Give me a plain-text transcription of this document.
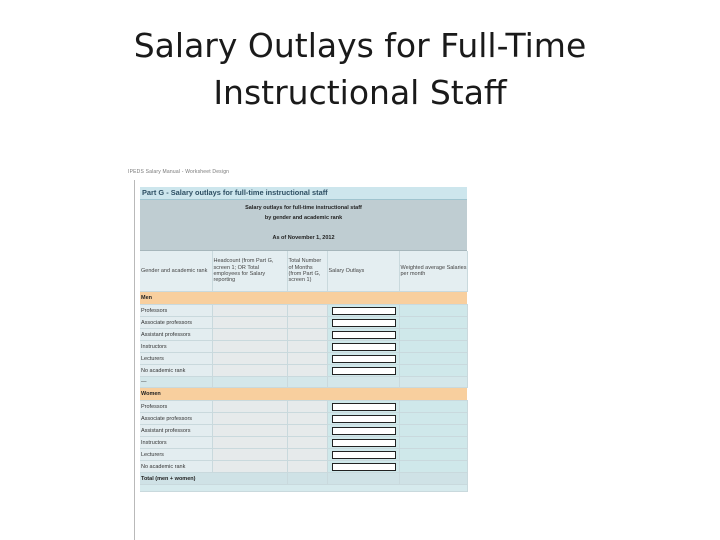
Salary Outlays for Full-Time
Instructional Staff
IPEDS Salary Manual - Worksheet Design
Part G - Salary outlays for full-time instructional staff
Salary outlays for full-time instructional staff
by gender and academic rank
As of November 1, 2012
Gender and academic rank	Headcount (from Part G, screen 1; OR Total employees for Salary reporting	Total Number of Months (from Part G, screen 1)	Salary Outlays	Weighted average Salaries per month
Men				
Professors			

Associate professors			

Assistant professors			

Instructors			

Lecturers			

No academic rank			

—				
Women				
Professors			

Associate professors			

Assistant professors			

Instructors			

Lecturers			

No academic rank			

Total (men + women)				
